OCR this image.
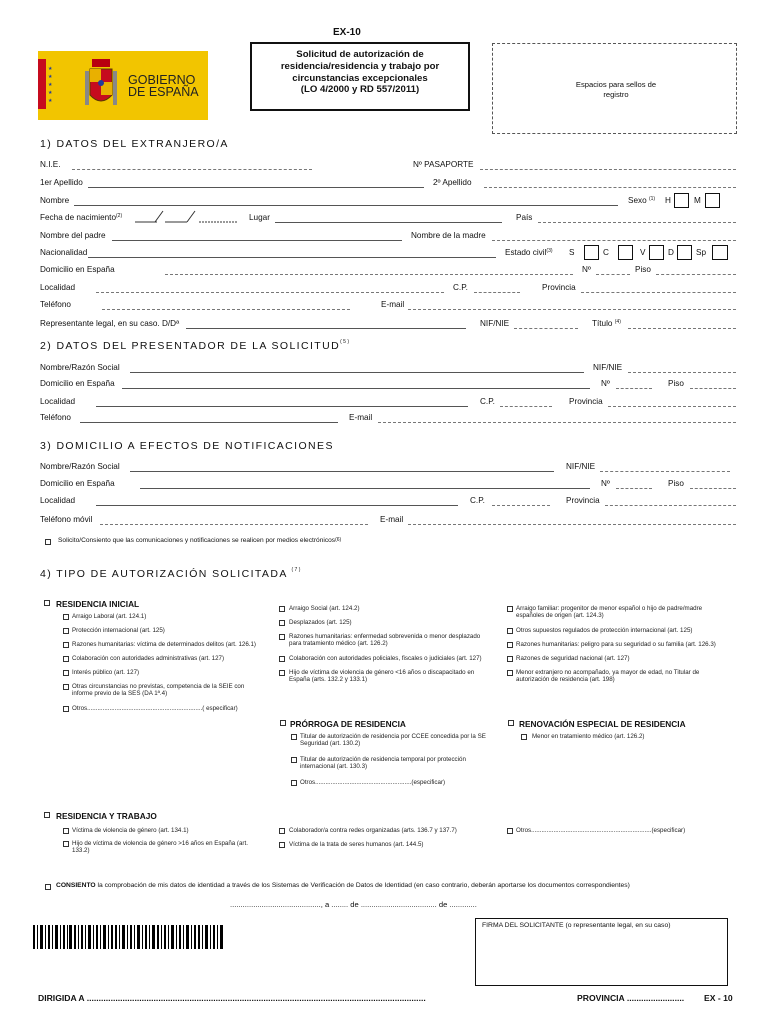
★
★
★
★
★
GOBIERNO
DE ESPAÑA
EX-10
Solicitud de autorización de residencia/residencia y trabajo por circunstancias excepcionales
(LO 4/2000 y RD 557/2011)	Espacios para sellos de registro
1) DATOS DEL EXTRANJERO/A
N.I.E.	Nº PASAPORTE
1er Apellido	2º Apellido
Nombre	Sexo $^{(1)}$ H	M
Fecha de nacimiento$^{(2)}$	Lugar	País
Nombre del padre	Nombre de la madre
Nacionalidad	Estado civil$^{(3)}$ S	C	V	D	Sp
Domicilio en España	Nº	Piso
Localidad	C.P.	Provincia
Teléfono	E-mail
Representante legal, en su caso. D/Dª	NIF/NIE	Título $^{(4)}$
2) DATOS DEL PRESENTADOR DE LA SOLICITUD$^{(5)}$
Nombre/Razón Social	NIF/NIE
Domicilio en España	Nº	Piso
Localidad	C.P.	Provincia
Teléfono	E-mail
3) DOMICILIO A EFECTOS DE NOTIFICACIONES
Nombre/Razón Social	NIF/NIE
Domicilio en España	Nº	Piso
Localidad	C.P.	Provincia
Teléfono móvil	E-mail
Solicito/Consiento que las comunicaciones y notificaciones se realicen por medios electrónicos$^{(6)}$
4) TIPO DE AUTORIZACIÓN SOLICITADA $^{(7)}$
RESIDENCIA INICIAL
Arraigo Laboral (art. 124.1)
Protección internacional (art. 125)
Razones humanitarias: víctima de determinados delitos (art. 126.1)
Colaboración con autoridades administrativas (art. 127)
Interés público (art. 127)
Otras circunstancias no previstas, competencia de la SEIE con informe previo de la SES (DA 1ª.4)
Otros...................................................................( especificar)
Arraigo Social (art. 124.2)
Desplazados (art. 125)
Razones humanitarias: enfermedad sobrevenida o menor desplazado para tratamiento médico (art. 126.2)
Colaboración con autoridades policiales, fiscales o judiciales (art. 127)
Hijo de víctima de violencia de género <16 años o discapacitado en España (arts. 132.2 y 133.1)
Arraigo familiar: progenitor de menor español o hijo de padre/madre españoles de origen (art. 124.3)
Otros supuestos regulados de protección internacional (art. 125)
Razones humanitarias: peligro para su seguridad o su familia (art. 126.3)
Razones de seguridad nacional (art. 127)
Menor extranjero no acompañado, ya mayor de edad, no Titular de autorización de residencia (art. 198)
PRÓRROGA DE RESIDENCIA
Titular de autorización de residencia por CCEE concedida por la SE Seguridad (art. 130.2)
Titular de autorización de residencia temporal por protección internacional (art. 130.3)
Otros........................................................(especificar)
RENOVACIÓN ESPECIAL DE RESIDENCIA
Menor en tratamiento médico (art. 126.2)
RESIDENCIA Y TRABAJO
Víctima de violencia de género (art. 134.1)
Hijo de víctima de violencia de género >16 años en España (art. 133.2)
Colaborador/a contra redes organizadas (arts. 136.7 y 137.7)
Víctima de la trata de seres humanos (art. 144.5)
Otros......................................................................(especificar)
CONSIENTO la comprobación de mis datos de identidad a través de los Sistemas de Verificación de Datos de Identidad (en caso contrario, deberán aportarse los documentos correspondientes)
..........................................., a ........ de .................................... de .............
FIRMA DEL SOLICITANTE (o representante legal, en su caso)
DIRIGIDA A ..............................................................................................................................................	PROVINCIA ........................ EX - 10
